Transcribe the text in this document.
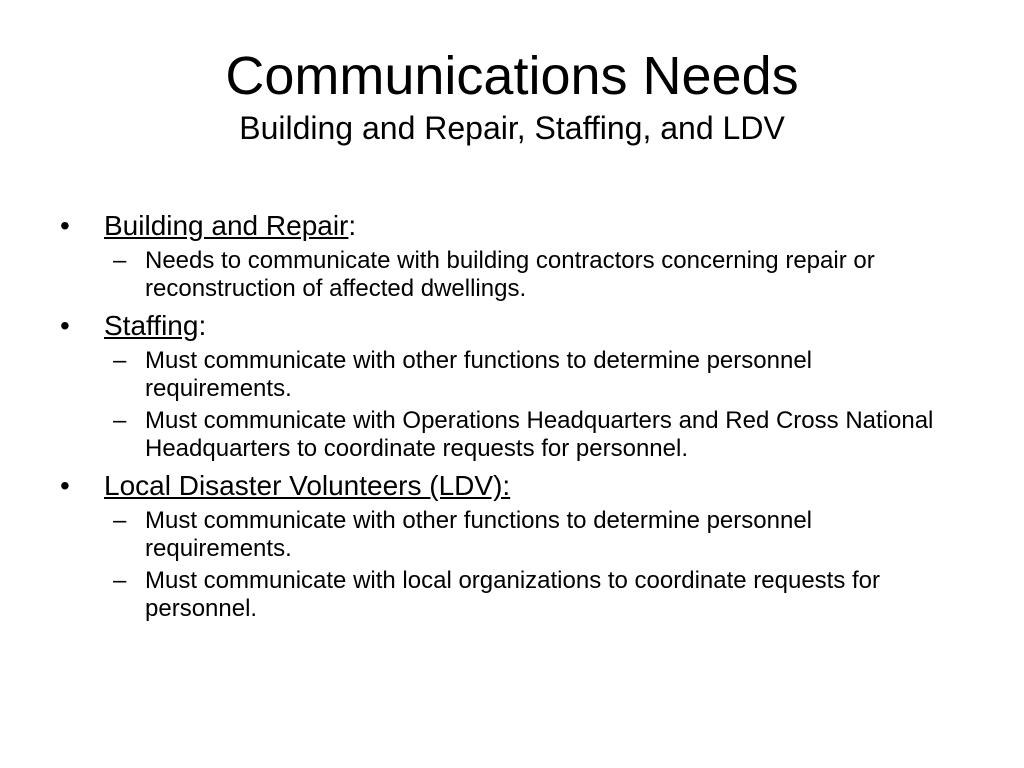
Communications Needs
Building and Repair, Staffing, and LDV
•	Building and Repair:
– Needs to communicate with building contractors concerning repair or reconstruction of affected dwellings.
•	Staffing:
– Must communicate with other functions to determine personnel requirements.
– Must communicate with Operations Headquarters and Red Cross National Headquarters to coordinate requests for personnel.
•	Local Disaster Volunteers (LDV):
– Must communicate with other functions to determine personnel requirements.
– Must communicate with local organizations to coordinate requests for personnel.
